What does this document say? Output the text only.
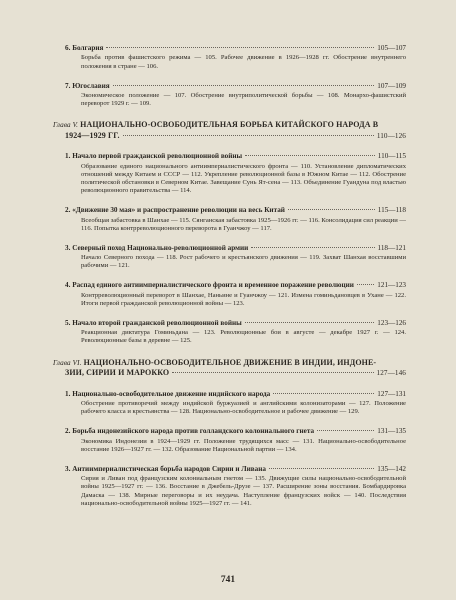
6. Болгария	105—107
Борьба против фашистского режима — 105. Рабочее движение в 1926—1928 гг. Обострение внутреннего положения в стране — 106.
7. Югославия	107—109
Экономическое положение — 107. Обострение внутриполитической борьбы — 108. Монархо-фашистский переворот 1929 г. — 109.
Глава V. НАЦИОНАЛЬНО-ОСВОБОДИТЕЛЬНАЯ БОРЬБА КИТАЙСКОГО НАРОДА В
1924—1929 ГГ.	110—126
1. Начало первой гражданской революционной войны	110—115
Образование единого национального антиимпериалистического фронта — 110. Установление дипломатических отношений между Китаем и СССР — 112. Укрепление революционной базы в Южном Китае — 112. Обострение политической обстановки в Северном Китае. Завещание Сунь Ят-сена — 113. Объединение Гуандуна под властью революционного правительства — 114.
2. «Движение 30 мая» и распространение революции на весь Китай	115—118
Всеобщая забастовка в Шанхае — 115. Сянганская забастовка 1925—1926 гг. — 116. Консолидация сил реакции — 116. Попытка контрреволюционного переворота в Гуанчжоу — 117.
3. Северный поход Национально-революционной армии	118—121
Начало Северного похода — 118. Рост рабочего и крестьянского движения — 119. Захват Шанхая восставшими рабочими — 121.
4. Распад единого антиимпериалистического фронта и временное поражение революции	121—123
Контрреволюционный переворот в Шанхае, Наньине и Гуанчжоу — 121. Измена гоминьдановцев в Ухане — 122. Итоги первой гражданской революционной войны — 123.
5. Начало второй гражданской революционной войны	123—126
Реакционная диктатура Гоминьдана — 123. Революционные бои в августе — декабре 1927 г. — 124. Революционные базы в деревне — 125.
Глава VI. НАЦИОНАЛЬНО-ОСВОБОДИТЕЛЬНОЕ ДВИЖЕНИЕ В ИНДИИ, ИНДОНЕ-
ЗИИ, СИРИИ И МАРОККО	127—146
1. Национально-освободительное движение индийского народа	127—131
Обострение противоречий между индийской буржуазией и английскими колонизаторами — 127. Положение рабочего класса и крестьянства — 128. Национально-освободительное и рабочее движение — 129.
2. Борьба индонезийского народа против голландского колониального гнета	131—135
Экономика Индонезии в 1924—1929 гг. Положение трудящихся масс — 131. Национально-освободительное восстание 1926—1927 гг. — 132. Образование Национальной партии — 134.
3. Антиимпериалистическая борьба народов Сирии и Ливана	135—142
Сирия и Ливан под французским колониальным гнетом — 135. Движущие силы национально-освободительной войны 1925—1927 гг. — 136. Восстание в Джебель-Друзе — 137. Расширение зоны восстания. Бомбардировка Дамаска — 138. Мирные переговоры и их неудача. Наступление французских войск — 140. Последствия национально-освободительной войны 1925—1927 гг. — 141.
741
